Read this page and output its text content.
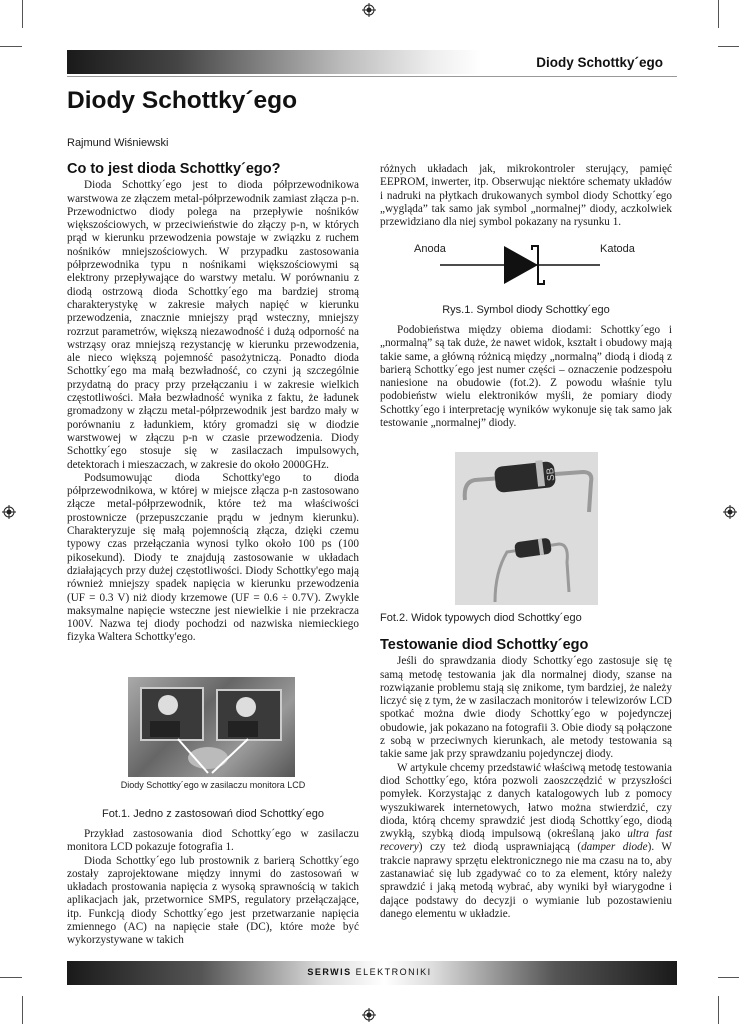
Diody Schottky´ego
Diody Schottky´ego
Rajmund Wiśniewski
Co to jest dioda Schottky´ego?

Dioda Schottky´ego jest to dioda półprzewodnikowa warstwowa ze złączem metal-półprzewodnik zamiast złącza p-n. Przewodnictwo diody polega na przepływie nośników większościowych, w przeciwieństwie do złączy p-n, w których prąd w kierunku przewodzenia powstaje w związku z ruchem nośników mniejszościowych. W przypadku zastosowania półprzewodnika typu n nośnikami większościowymi są elektrony przepływające do warstwy metalu. W porównaniu z diodą ostrzową dioda Schottky´ego ma bardziej stromą charakterystykę w zakresie małych napięć w kierunku przewodzenia, znacznie mniejszy prąd wsteczny, mniejszy rozrzut parametrów, większą niezawodność i dużą odporność na wstrząsy oraz mniejszą rezystancję w kierunku przewodzenia, ale nieco większą pojemność pasożytniczą. Ponadto dioda Schottky´ego ma małą bezwładność, co czyni ją szczególnie przydatną do pracy przy przełączaniu i w zakresie wielkich częstotliwości. Mała bezwładność wynika z faktu, że ładunek gromadzony w złączu metal-półprzewodnik jest bardzo mały w porównaniu z ładunkiem, który gromadzi się w diodzie warstwowej w złączu p-n w czasie przewodzenia. Diody Schottky´ego stosuje się w zasilaczach impulsowych, detektorach i mieszaczach, w zakresie do około 2000GHz.

Podsumowując dioda Schottky'ego to dioda półprzewodnikowa, w której w miejsce złącza p-n zastosowano złącze metal-półprzewodnik, które też ma właściwości prostownicze (przepuszczanie prądu w jednym kierunku). Charakteryzuje się małą pojemnością złącza, dzięki czemu typowy czas przełączania wynosi tylko około 100 ps (100 pikosekund). Diody te znajdują zastosowanie w układach działających przy dużej częstotliwości. Diody Schottky'ego mają również mniejszy spadek napięcia w kierunku przewodzenia (UF = 0.3 V) niż diody krzemowe (UF = 0.6 ÷ 0.7V). Zwykle maksymalne napięcie wsteczne jest niewielkie i nie przekracza 100V. Nazwa tej diody pochodzi od nazwiska niemieckiego fizyka Waltera Schottky'ego.

Diody Schottky´ego w zasilaczu monitora LCD
Fot.1. Jedno z zastosowań diod Schottky´ego

Przykład zastosowania diod Schottky´ego w zasilaczu monitora LCD pokazuje fotografia 1.

Dioda Schottky´ego lub prostownik z barierą Schottky´ego zostały zaprojektowane między innymi do zastosowań w układach prostowania napięcia z wysoką sprawnością w takich aplikacjach jak, przetwornice SMPS, regulatory przełączające, itp. Funkcją diody Schottky´ego jest przetwarzanie napięcia zmiennego (AC) na napięcie stałe (DC), które może być wykorzystywane w takich

różnych układach jak, mikrokontroler sterujący, pamięć EEPROM, inwerter, itp. Obserwując niektóre schematy układów i nadruki na płytkach drukowanych symbol diody Schottky´ego „wygląda” tak samo jak symbol „normalnej” diody, aczkolwiek przewidziano dla niej symbol pokazany na rysunku 1.

Anoda	Katoda
Rys.1. Symbol diody Schottky´ego

Podobieństwa między obiema diodami: Schottky´ego i „normalną” są tak duże, że nawet widok, kształt i obudowy mają takie same, a główną różnicą między „normalną” diodą i diodą z barierą Schottky´ego jest numer części – oznaczenie podzespołu naniesione na obudowie (fot.2). Z powodu właśnie tylu podobieństw wielu elektroników myśli, że pomiary diody Schottky´ego i interpretację wyników wykonuje się tak samo jak testowanie „normalnej” diody.

SB
Fot.2. Widok typowych diod Schottky´ego
Testowanie diod Schottky´ego

Jeśli do sprawdzania diody Schottky´ego zastosuje się tę samą metodę testowania jak dla normalnej diody, szanse na rozwiązanie problemu stają się znikome, tym bardziej, że należy liczyć się z tym, że w zasilaczach monitorów i telewizorów LCD spotkać można dwie diody Schottky´ego w pojedynczej obudowie, jak pokazano na fotografii 3. Obie diody są połączone z sobą w przeciwnych kierunkach, ale metody testowania są takie same jak przy sprawdzaniu pojedynczej diody.

W artykule chcemy przedstawić właściwą metodę testowania diod Schottky´ego, która pozwoli zaoszczędzić w przyszłości pomyłek. Korzystając z danych katalogowych lub z pomocy wyszukiwarek internetowych, łatwo można stwierdzić, czy dioda, którą chcemy sprawdzić jest diodą Schottky´ego, diodą zwykłą, szybką diodą impulsową (określaną jako ultra fast recovery) czy też diodą usprawniającą (damper diode). W trakcie naprawy sprzętu elektronicznego nie ma czasu na to, aby zastanawiać się lub zgadywać co to za element, który należy sprawdzić i jaką metodą wybrać, aby wyniki był wiarygodne i dające podstawy do decyzji o wymianie lub pozostawieniu danego elementu w układzie.

SERWIS ELEKTRONIKI
